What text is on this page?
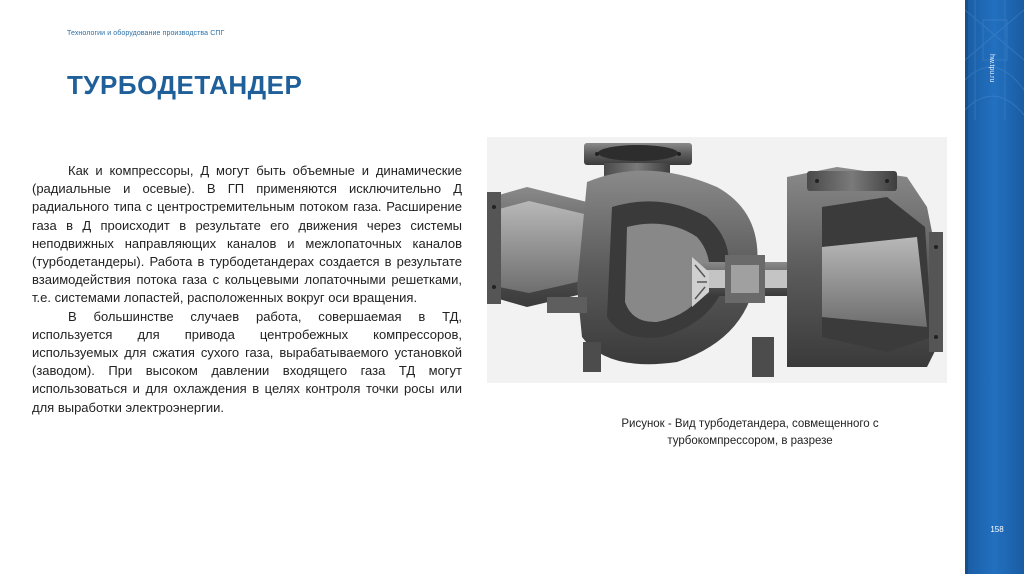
Технологии и оборудование производства СПГ
ТУРБОДЕТАНДЕР

Как и компрессоры, Д могут быть объемные и динамические (радиальные и осевые). В ГП применяются исключительно Д радиального типа с центростремительным потоком газа. Расширение газа в Д происходит в результате его движения через системы неподвижных направляющих каналов и межлопаточных каналов (турбодетандеры). Работа в турбодетандерах создается в результате взаимодействия потока газа с кольцевыми лопаточными решетками, т.е. системами лопастей, расположенных вокруг оси вращения.

В большинстве случаев работа, совершаемая в ТД, используется для привода центробежных компрессоров, используемых для сжатия сухого газа, вырабатываемого установкой (заводом). При высоком давлении входящего газа ТД могут использоваться и для охлаждения в целях контроля точки росы или для выработки электроэнергии.

Рисунок - Вид турбодетандера, совмещенного с
турбокомпрессором, в разрезе
hw.tpu.ru
158
